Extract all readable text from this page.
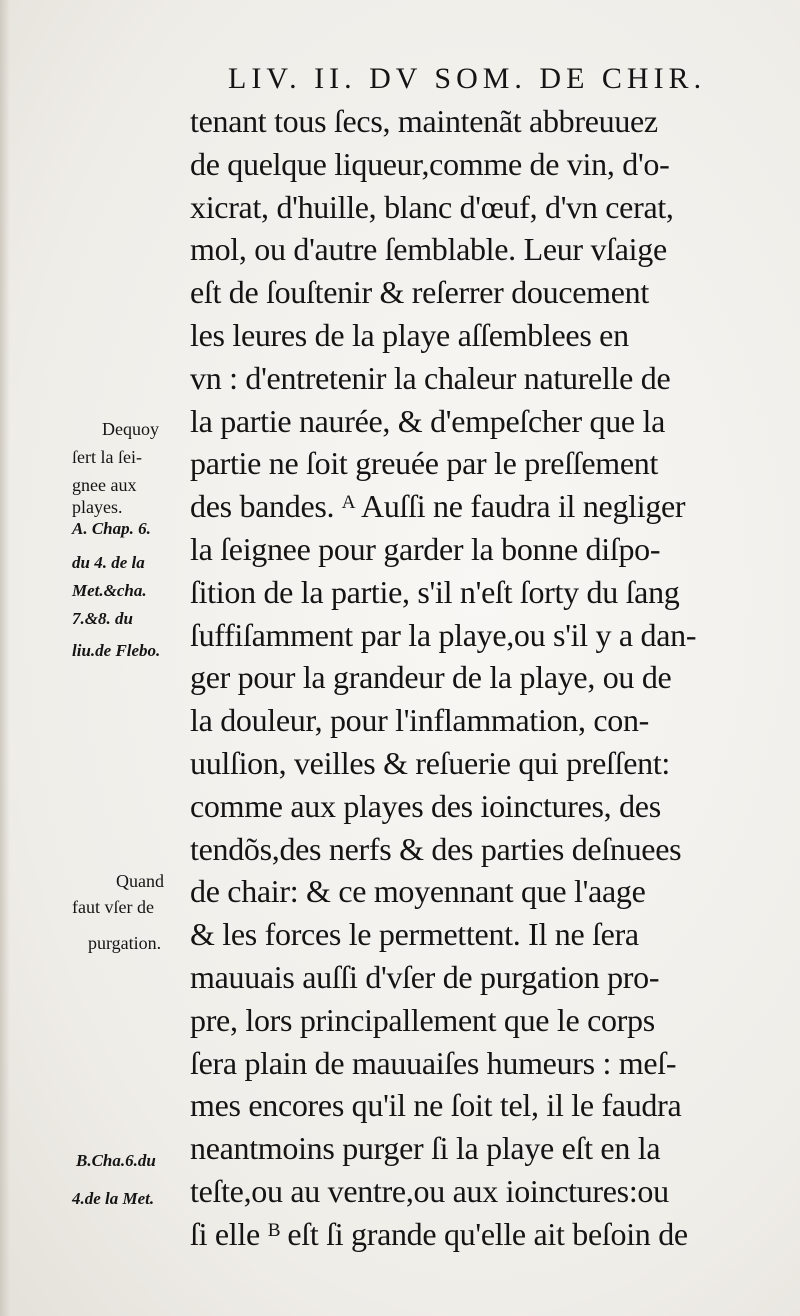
LIV. II. DV SOM. DE CHIR.
tenant tous ſecs, maintenãt abbreuuez
de quelque liqueur,comme de vin, d'o-
xicrat, d'huille, blanc d'œuf, d'vn cerat,
mol, ou d'autre ſemblable. Leur vſaige
eſt de ſouſtenir & reſerrer doucement
les leures de la playe aſſemblees en
vn : d'entretenir la chaleur naturelle de
la partie naurée, & d'empeſcher que la
partie ne ſoit greuée par le preſſement
des bandes. ᴬ Auſſi ne faudra il negliger
la ſeignee pour garder la bonne diſpo-
ſition de la partie, s'il n'eſt ſorty du ſang
ſuffiſamment par la playe,ou s'il y a dan-
ger pour la grandeur de la playe, ou de
la douleur, pour l'inflammation, con-
uulſion, veilles & reſuerie qui preſſent:
comme aux playes des ioinctures, des
tendõs,des nerfs & des parties deſnuees
de chair: & ce moyennant que l'aage
& les forces le permettent. Il ne ſera
mauuais auſſi d'vſer de purgation pro-
pre, lors principallement que le corps
ſera plain de mauuaiſes humeurs : meſ-
mes encores qu'il ne ſoit tel, il le faudra
neantmoins purger ſi la playe eſt en la
teſte,ou au ventre,ou aux ioinctures:ou
ſi elle ᴮ eſt ſi grande qu'elle ait beſoin de
Dequoy
ſert la ſei-
gnee aux
playes.
A. Chap. 6.
du 4. de la
Met.&cha.
7.&8. du
liu.de Flebo.
Quand
faut vſer de
purgation.
B.Cha.6.du
4.de la Met.
